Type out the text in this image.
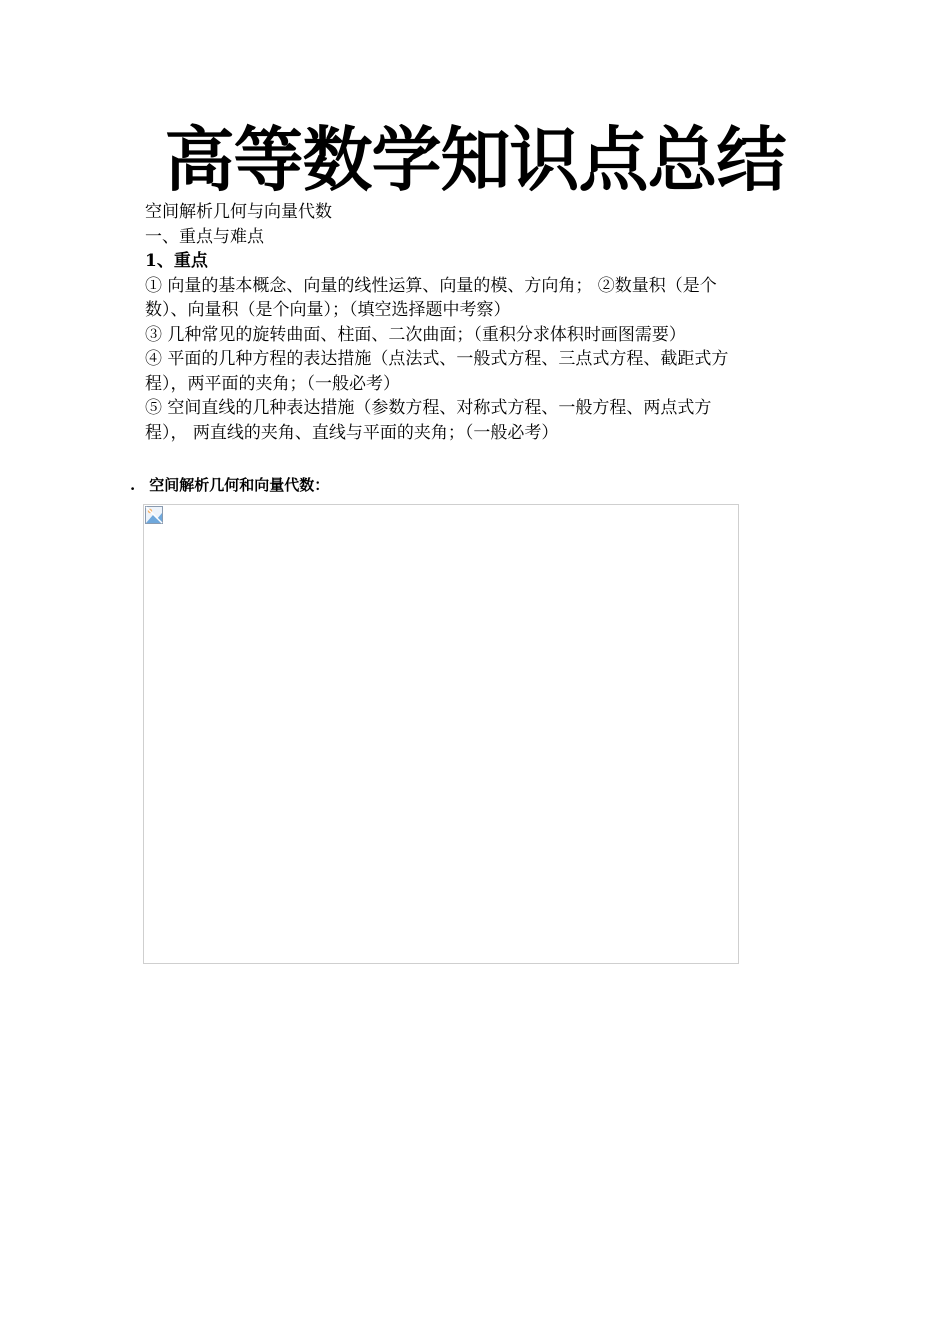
高等数学知识点总结
空间解析几何与向量代数
一、重点与难点
1、重点
① 向量的基本概念、向量的线性运算、向量的模、方向角； ②数量积（是个
数）、向量积（是个向量）；（填空选择题中考察）
③ 几种常见的旋转曲面、柱面、二次曲面；（重积分求体积时画图需要）
④ 平面的几种方程的表达措施（点法式、一般式方程、三点式方程、截距式方
程），两平面的夹角；（一般必考）
⑤ 空间直线的几种表达措施（参数方程、对称式方程、一般方程、两点式方
程）， 两直线的夹角、直线与平面的夹角；（一般必考）
. 空间解析几何和向量代数：
